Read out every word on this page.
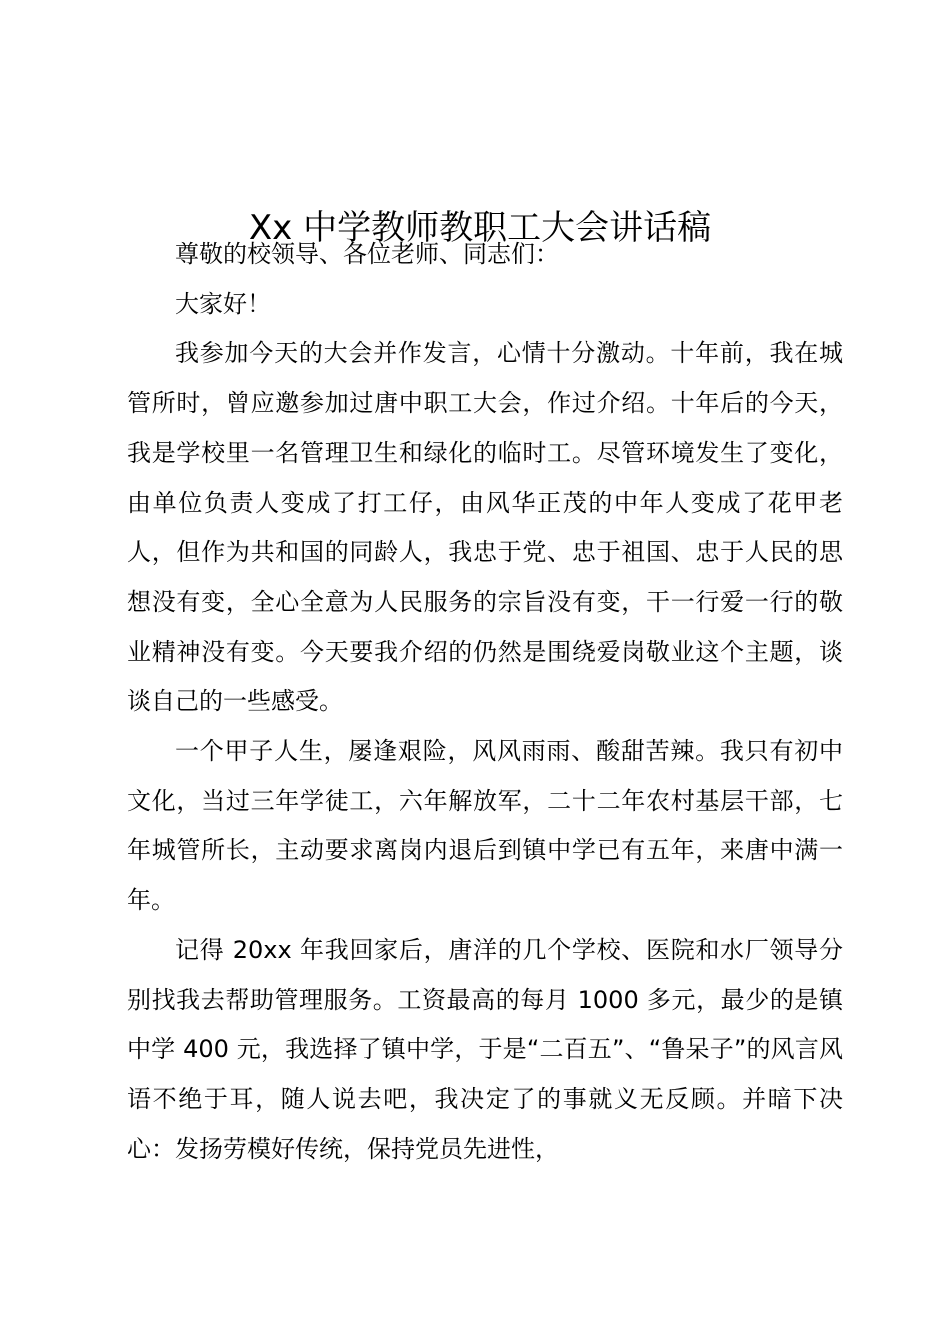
Xx 中学教师教职工大会讲话稿

尊敬的校领导、各位老师、同志们：

大家好！

我参加今天的大会并作发言，心情十分激动。十年前，我在城管所时，曾应邀参加过唐中职工大会，作过介绍。十年后的今天，我是学校里一名管理卫生和绿化的临时工。尽管环境发生了变化，由单位负责人变成了打工仔，由风华正茂的中年人变成了花甲老人，但作为共和国的同龄人，我忠于党、忠于祖国、忠于人民的思想没有变，全心全意为人民服务的宗旨没有变，干一行爱一行的敬业精神没有变。今天要我介绍的仍然是围绕爱岗敬业这个主题，谈谈自己的一些感受。

一个甲子人生，屡逢艰险，风风雨雨、酸甜苦辣。我只有初中文化，当过三年学徒工，六年解放军，二十二年农村基层干部，七年城管所长，主动要求离岗内退后到镇中学已有五年，来唐中满一年。

记得 20xx 年我回家后，唐洋的几个学校、医院和水厂领导分别找我去帮助管理服务。工资最高的每月 1000 多元，最少的是镇中学 400 元，我选择了镇中学，于是“二百五”、“鲁呆子”的风言风语不绝于耳，随人说去吧，我决定了的事就义无反顾。并暗下决心：发扬劳模好传统，保持党员先进性，
